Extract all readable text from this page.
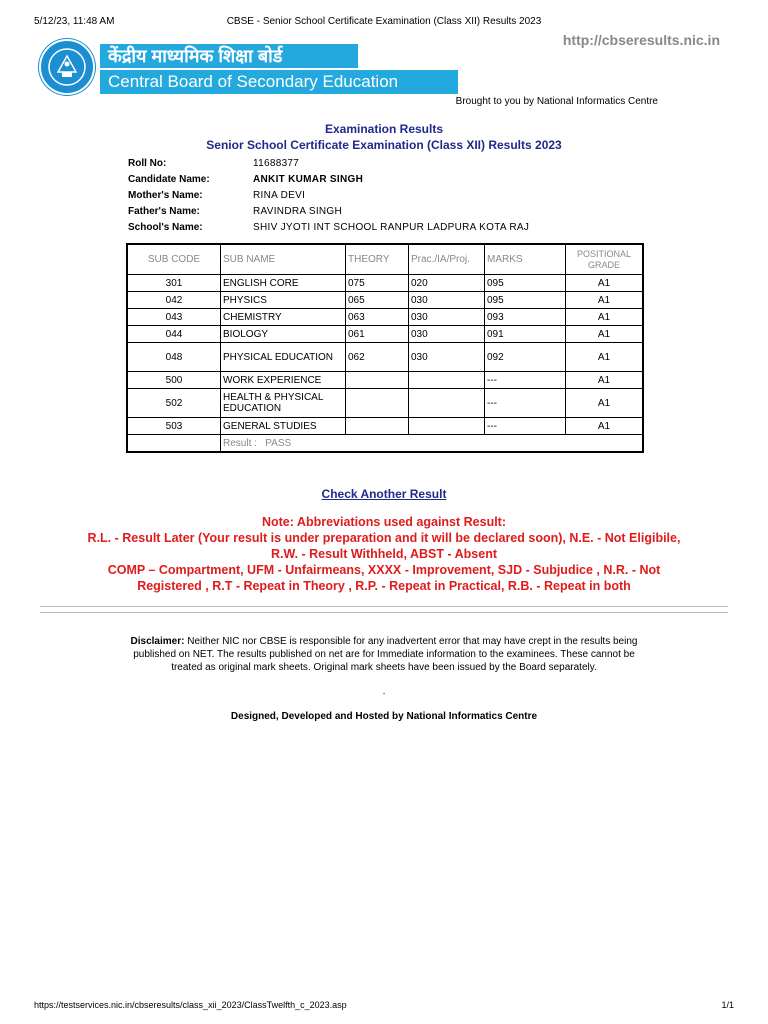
5/12/23, 11:48 AM	CBSE - Senior School Certificate Examination (Class XII) Results 2023
केंद्रीय माध्यमिक शिक्षा बोर्ड
Central Board of Secondary Education
http://cbseresults.nic.in
Brought to you by National Informatics Centre
Examination Results
Senior School Certificate Examination (Class XII) Results 2023
Roll No:	11688377
Candidate Name:	ANKIT KUMAR SINGH
Mother's Name:	RINA DEVI
Father's Name:	RAVINDRA SINGH
School's Name:	SHIV JYOTI INT SCHOOL RANPUR LADPURA KOTA RAJ
SUB CODE	SUB NAME	THEORY	Prac./IA/Proj.	MARKS	POSITIONAL
GRADE
301	ENGLISH CORE	075	020	095	A1
042	PHYSICS	065	030	095	A1
043	CHEMISTRY	063	030	093	A1
044	BIOLOGY	061	030	091	A1
048	PHYSICAL EDUCATION	062	030	092	A1
500	WORK EXPERIENCE			---	A1
502	HEALTH & PHYSICAL EDUCATION			---	A1
503	GENERAL STUDIES			---	A1
	Result : PASS				
Check Another Result
Note: Abbreviations used against Result:
R.L. - Result Later (Your result is under preparation and it will be declared soon), N.E. - Not Eligibile,
R.W. - Result Withheld, ABST - Absent
COMP – Compartment, UFM - Unfairmeans, XXXX - Improvement, SJD - Subjudice , N.R. - Not
Registered , R.T - Repeat in Theory , R.P. - Repeat in Practical, R.B. - Repeat in both
Disclaimer: Neither NIC nor CBSE is responsible for any inadvertent error that may have crept in the results being published on NET. The results published on net are for Immediate information to the examinees. These cannot be treated as original mark sheets. Original mark sheets have been issued by the Board separately.
.
Designed, Developed and Hosted by National Informatics Centre
https://testservices.nic.in/cbseresults/class_xii_2023/ClassTwelfth_c_2023.asp	1/1
